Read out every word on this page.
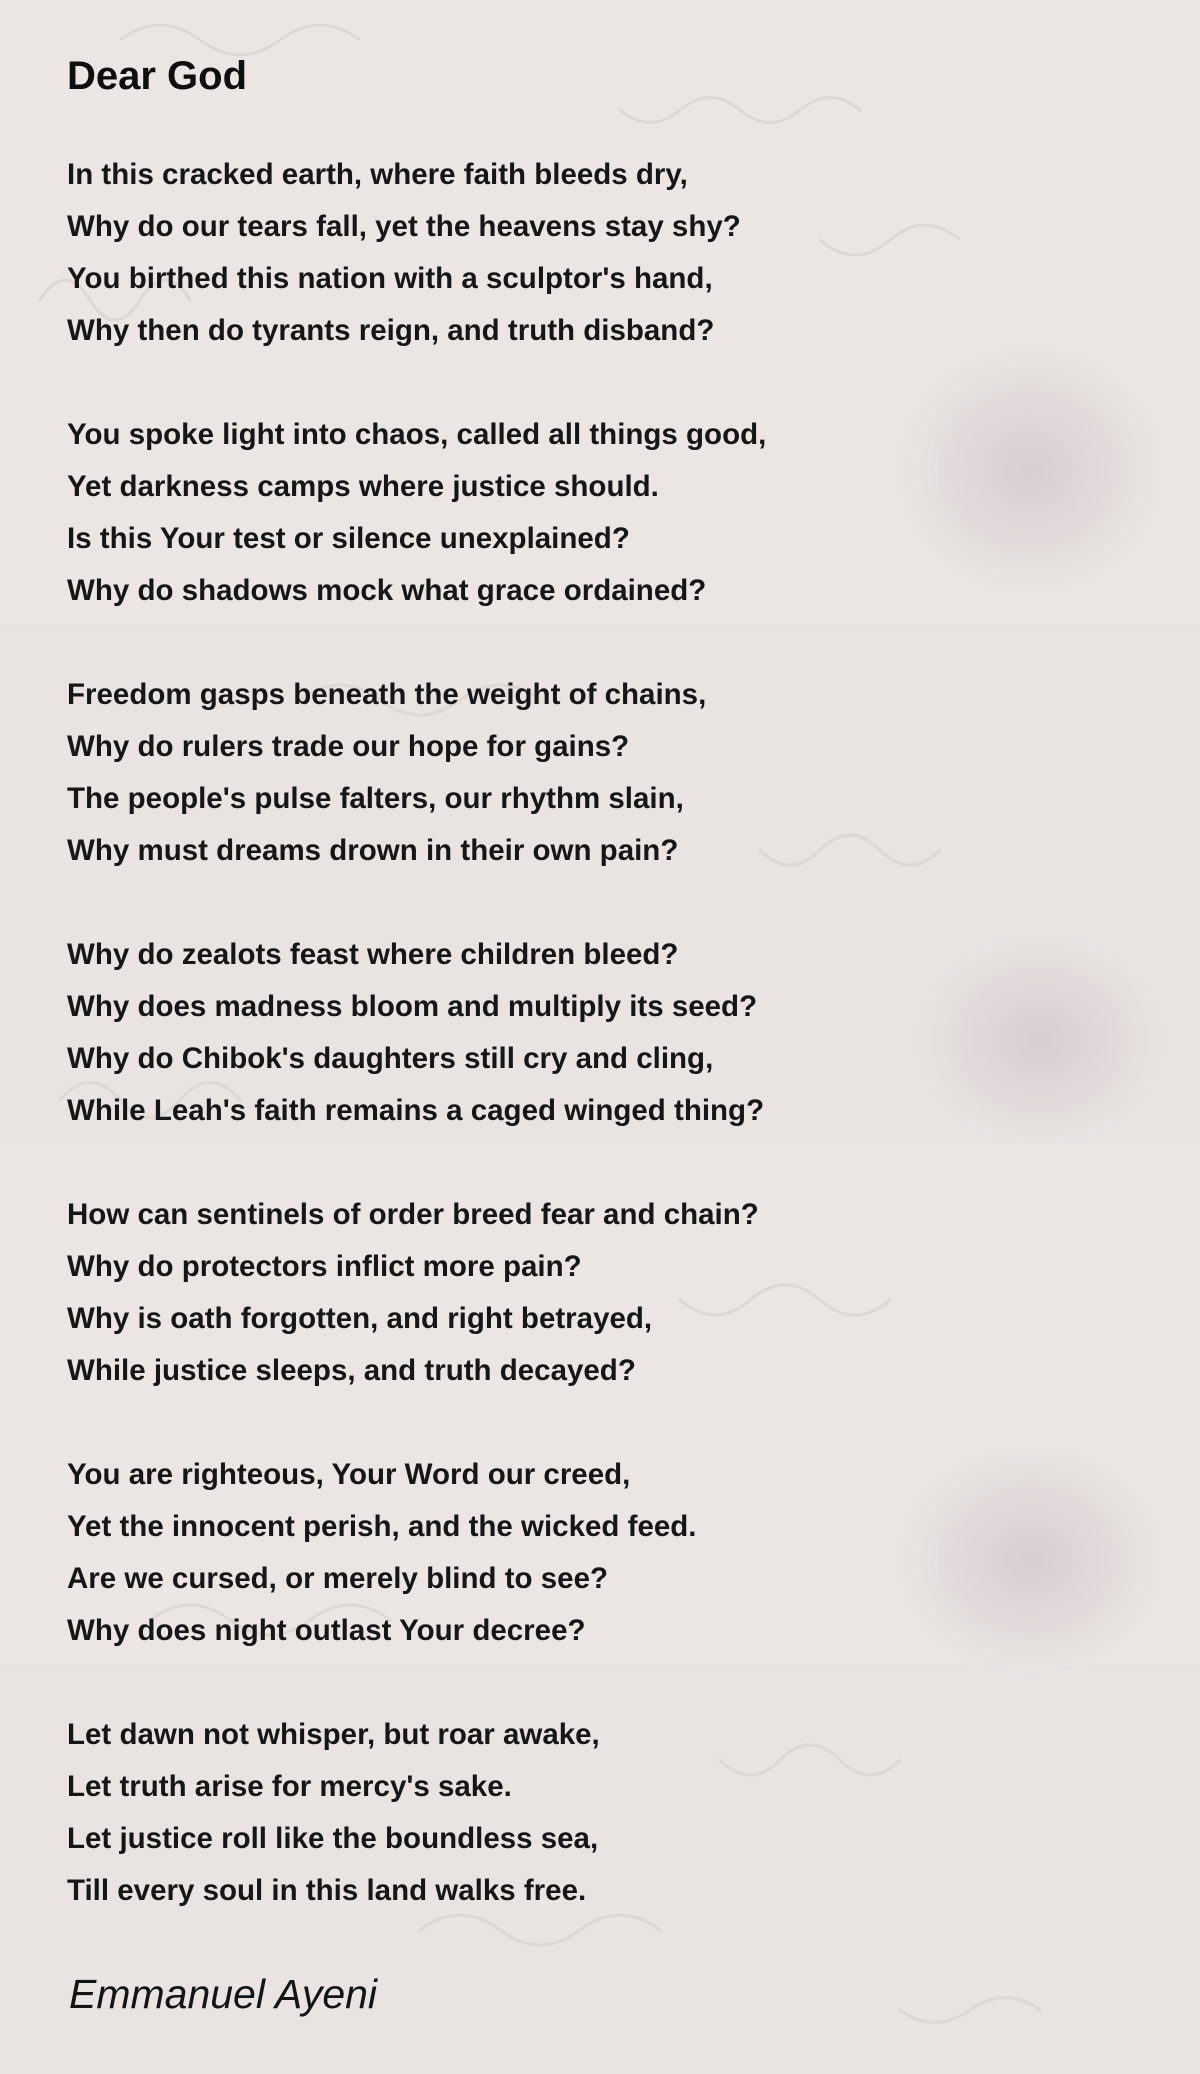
Dear God
In this cracked earth, where faith bleeds dry,
Why do our tears fall, yet the heavens stay shy?
You birthed this nation with a sculptor's hand,
Why then do tyrants reign, and truth disband?
You spoke light into chaos, called all things good,
Yet darkness camps where justice should.
Is this Your test or silence unexplained?
Why do shadows mock what grace ordained?
Freedom gasps beneath the weight of chains,
Why do rulers trade our hope for gains?
The people's pulse falters, our rhythm slain,
Why must dreams drown in their own pain?
Why do zealots feast where children bleed?
Why does madness bloom and multiply its seed?
Why do Chibok's daughters still cry and cling,
While Leah's faith remains a caged winged thing?
How can sentinels of order breed fear and chain?
Why do protectors inflict more pain?
Why is oath forgotten, and right betrayed,
While justice sleeps, and truth decayed?
You are righteous, Your Word our creed,
Yet the innocent perish, and the wicked feed.
Are we cursed, or merely blind to see?
Why does night outlast Your decree?
Let dawn not whisper, but roar awake,
Let truth arise for mercy's sake.
Let justice roll like the boundless sea,
Till every soul in this land walks free.
Emmanuel Ayeni
